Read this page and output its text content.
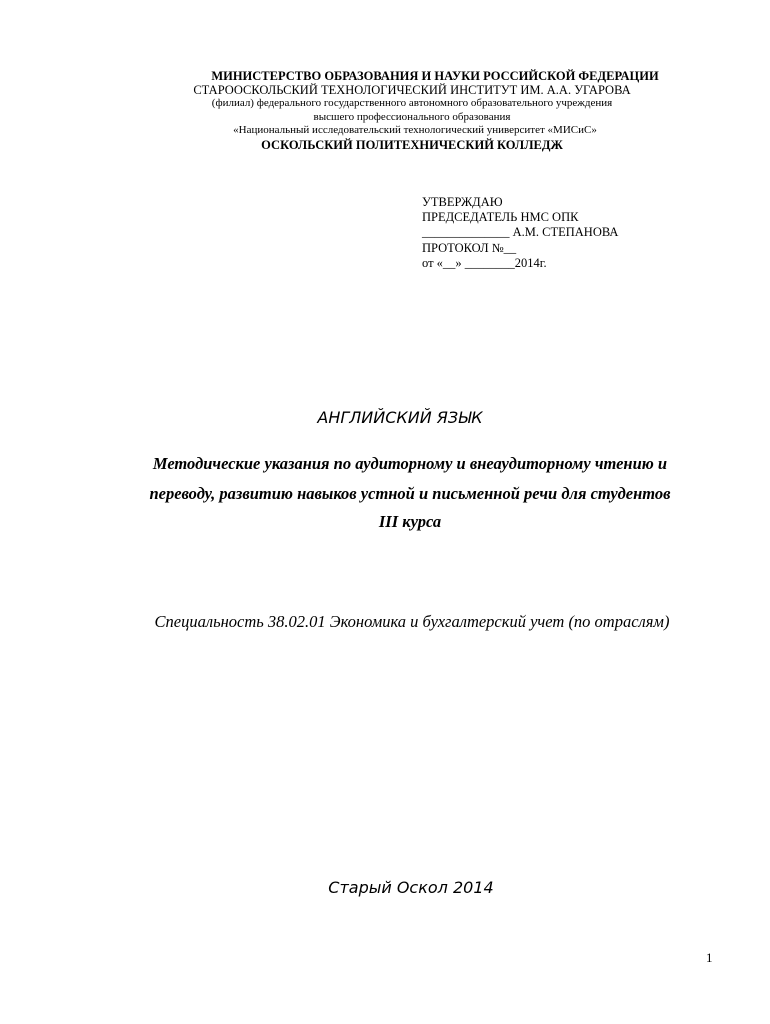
МИНИСТЕРСТВО ОБРАЗОВАНИЯ И НАУКИ РОССИЙСКОЙ ФЕДЕРАЦИИ
СТАРООСКОЛЬСКИЙ ТЕХНОЛОГИЧЕСКИЙ ИНСТИТУТ ИМ. А.А. УГАРОВА
(филиал) федерального государственного автономного образовательного учреждения
высшего профессионального образования
«Национальный исследовательский технологический университет «МИСиС»
ОСКОЛЬСКИЙ ПОЛИТЕХНИЧЕСКИЙ КОЛЛЕДЖ
УТВЕРЖДАЮ
ПРЕДСЕДАТЕЛЬ НМС ОПК
______________ А.М. СТЕПАНОВА
ПРОТОКОЛ №__
от «__» ________2014г.
АНГЛИЙСКИЙ ЯЗЫК
Методические указания по аудиторному и внеаудиторному чтению и
переводу, развитию навыков устной и письменной речи для студентов
III курса
Специальность 38.02.01 Экономика и бухгалтерский учет (по отраслям)
Старый Оскол 2014
1
